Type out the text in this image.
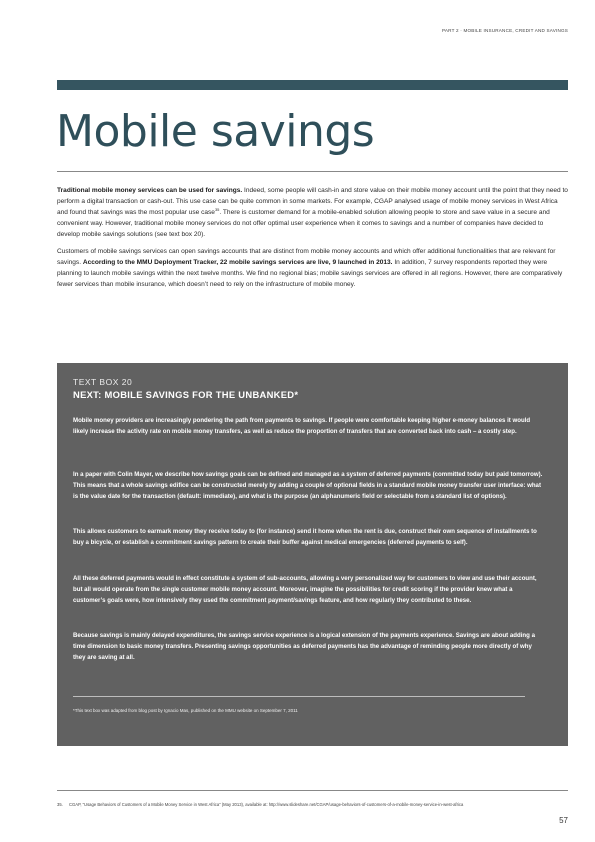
PART 2 · MOBILE INSURANCE, CREDIT AND SAVINGS
Mobile savings
Traditional mobile money services can be used for savings. Indeed, some people will cash-in and store value on their mobile money account until the point that they need to perform a digital transaction or cash-out. This use case can be quite common in some markets. For example, CGAP analysed usage of mobile money services in West Africa and found that savings was the most popular use case$^{35}$. There is customer demand for a mobile-enabled solution allowing people to store and save value in a secure and convenient way. However, traditional mobile money services do not offer optimal user experience when it comes to savings and a number of companies have decided to develop mobile savings solutions (see text box 20).
Customers of mobile savings services can open savings accounts that are distinct from mobile money accounts and which offer additional functionalities that are relevant for savings. According to the MMU Deployment Tracker, 22 mobile savings services are live, 9 launched in 2013. In addition, 7 survey respondents reported they were planning to launch mobile savings within the next twelve months. We find no regional bias; mobile savings services are offered in all regions. However, there are comparatively fewer services than mobile insurance, which doesn’t need to rely on the infrastructure of mobile money.
TEXT BOX 20
NEXT: MOBILE SAVINGS FOR THE UNBANKED*
Mobile money providers are increasingly pondering the path from payments to savings. If people were comfortable keeping higher e-money balances it would likely increase the activity rate on mobile money transfers, as well as reduce the proportion of transfers that are converted back into cash – a costly step.
In a paper with Colin Mayer, we describe how savings goals can be defined and managed as a system of deferred payments (committed today but paid tomorrow). This means that a whole savings edifice can be constructed merely by adding a couple of optional fields in a standard mobile money transfer user interface: what is the value date for the transaction (default: immediate), and what is the purpose (an alphanumeric field or selectable from a standard list of options).
This allows customers to earmark money they receive today to (for instance) send it home when the rent is due, construct their own sequence of installments to buy a bicycle, or establish a commitment savings pattern to create their buffer against medical emergencies (deferred payments to self).
All these deferred payments would in effect constitute a system of sub-accounts, allowing a very personalized way for customers to view and use their account, but all would operate from the single customer mobile money account. Moreover, imagine the possibilities for credit scoring if the provider knew what a customer’s goals were, how intensively they used the commitment payment/savings feature, and how regularly they contributed to these.
Because savings is mainly delayed expenditures, the savings service experience is a logical extension of the payments experience. Savings are about adding a time dimension to basic money transfers. Presenting savings opportunities as deferred payments has the advantage of reminding people more directly of why they are saving at all.
*This text box was adapted from blog post by Ignacio Mas, published on the MMU website on September 7, 2011
35. CGAP, “Usage Behaviors of Customers of a Mobile Money Service in West Africa” (May 2013), available at: http://www.slideshare.net/CGAP/usage-behaviors-of-customers-of-a-mobile-money-service-in-west-africa
57
